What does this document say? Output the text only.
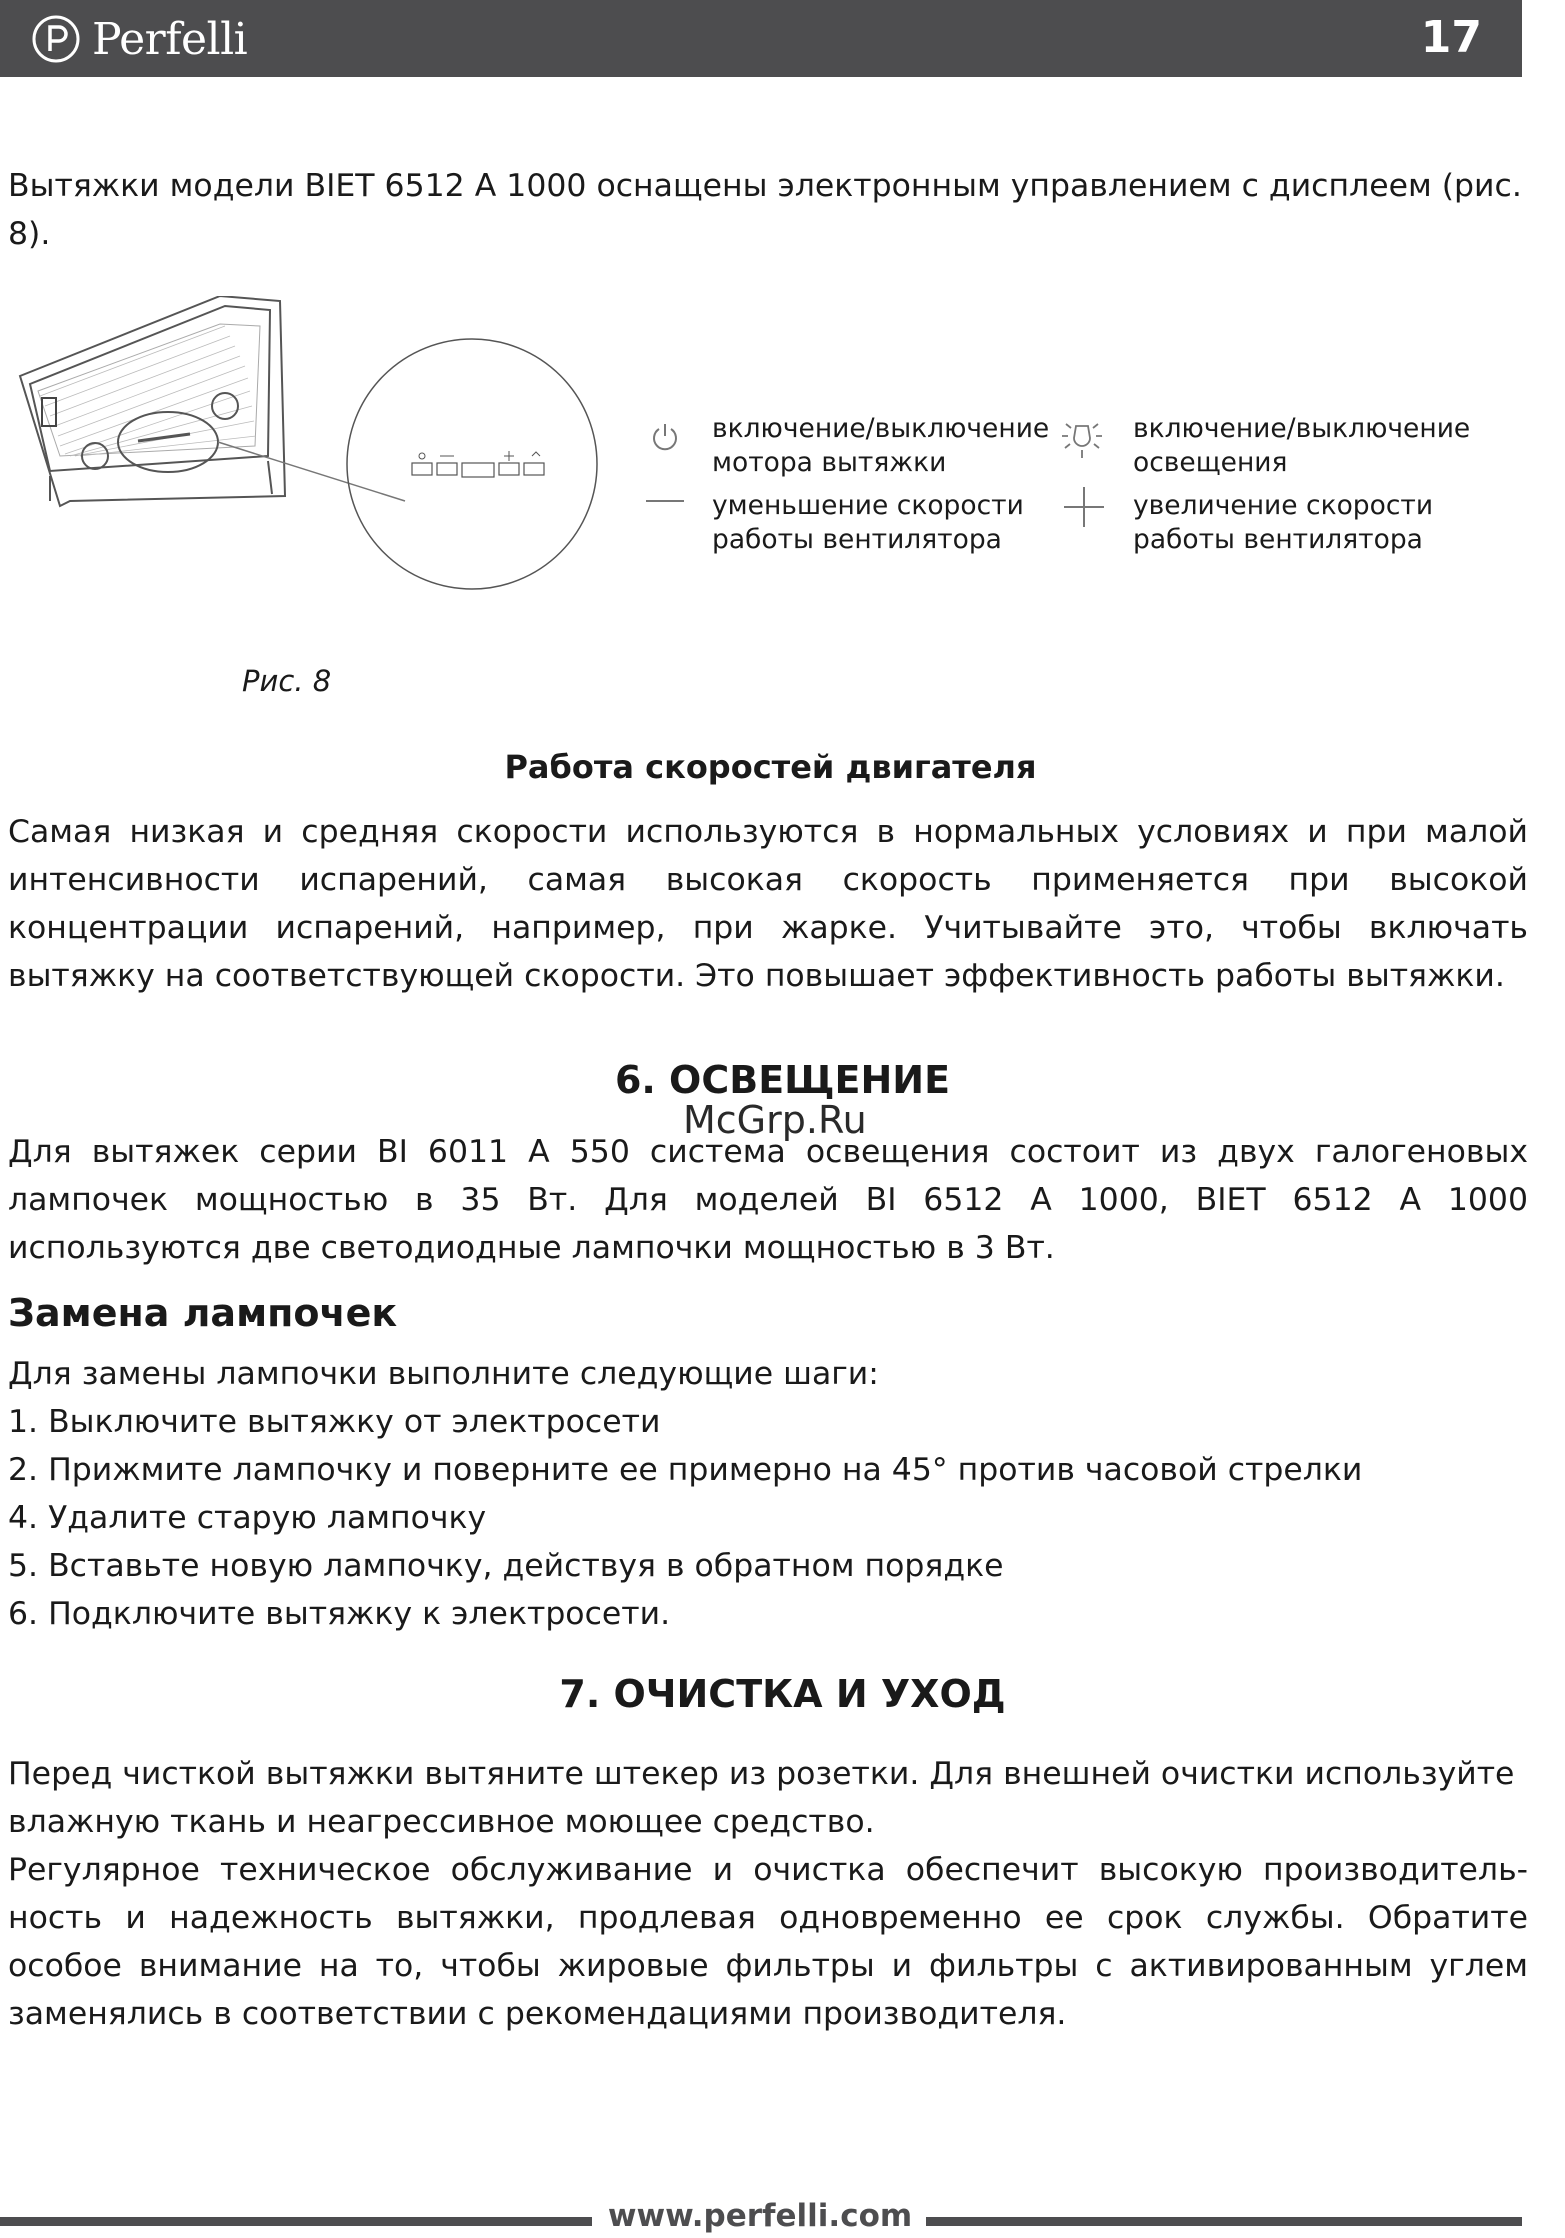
Perfelli	17
Вытяжки модели BIET 6512 A 1000 оснащены электронным управлением с дисплеем (рис. 8).
включение/выключение
мотора вытяжки
включение/выключение
освещения
уменьшение скорости
работы вентилятора
увеличение скорости
работы вентилятора
Рис. 8
Работа скоростей двигателя
Самая низкая и средняя скорости используются в нормальных условиях и при малой интенсивности испарений, самая высокая скорость применяется при высокой концентрации испарений, например, при жарке. Учитывайте это, чтобы включать вытяжку на соответствующей скорости. Это повышает эффективность работы вытяжки.
6. ОСВЕЩЕНИЕ
McGrp.Ru
Для вытяжек серии BI 6011 A 550 система освещения состоит из двух галогеновых лампочек мощностью в 35 Вт. Для моделей BI 6512 A 1000, BIET 6512 A 1000 используются две светодиодные лампочки мощностью в 3 Вт.
Замена лампочек
Для замены лампочки выполните следующие шаги:
1. Выключите вытяжку от электросети
2. Прижмите лампочку и поверните ее примерно на 45° против часовой стрелки
4. Удалите старую лампочку
5. Вставьте новую лампочку, действуя в обратном порядке
6. Подключите вытяжку к электросети.
7. ОЧИСТКА И УХОД
Перед чисткой вытяжки вытяните штекер из розетки. Для внешней очистки используйте влажную ткань и неагрессивное моющее средство.
Регулярное техническое обслуживание и очистка обеспечит высокую производитель-ность и надежность вытяжки, продлевая одновременно ее срок службы. Обратите особое внимание на то, чтобы жировые фильтры и фильтры с активированным углем заменялись в соответствии с рекомендациями производителя.
www.perfelli.com
